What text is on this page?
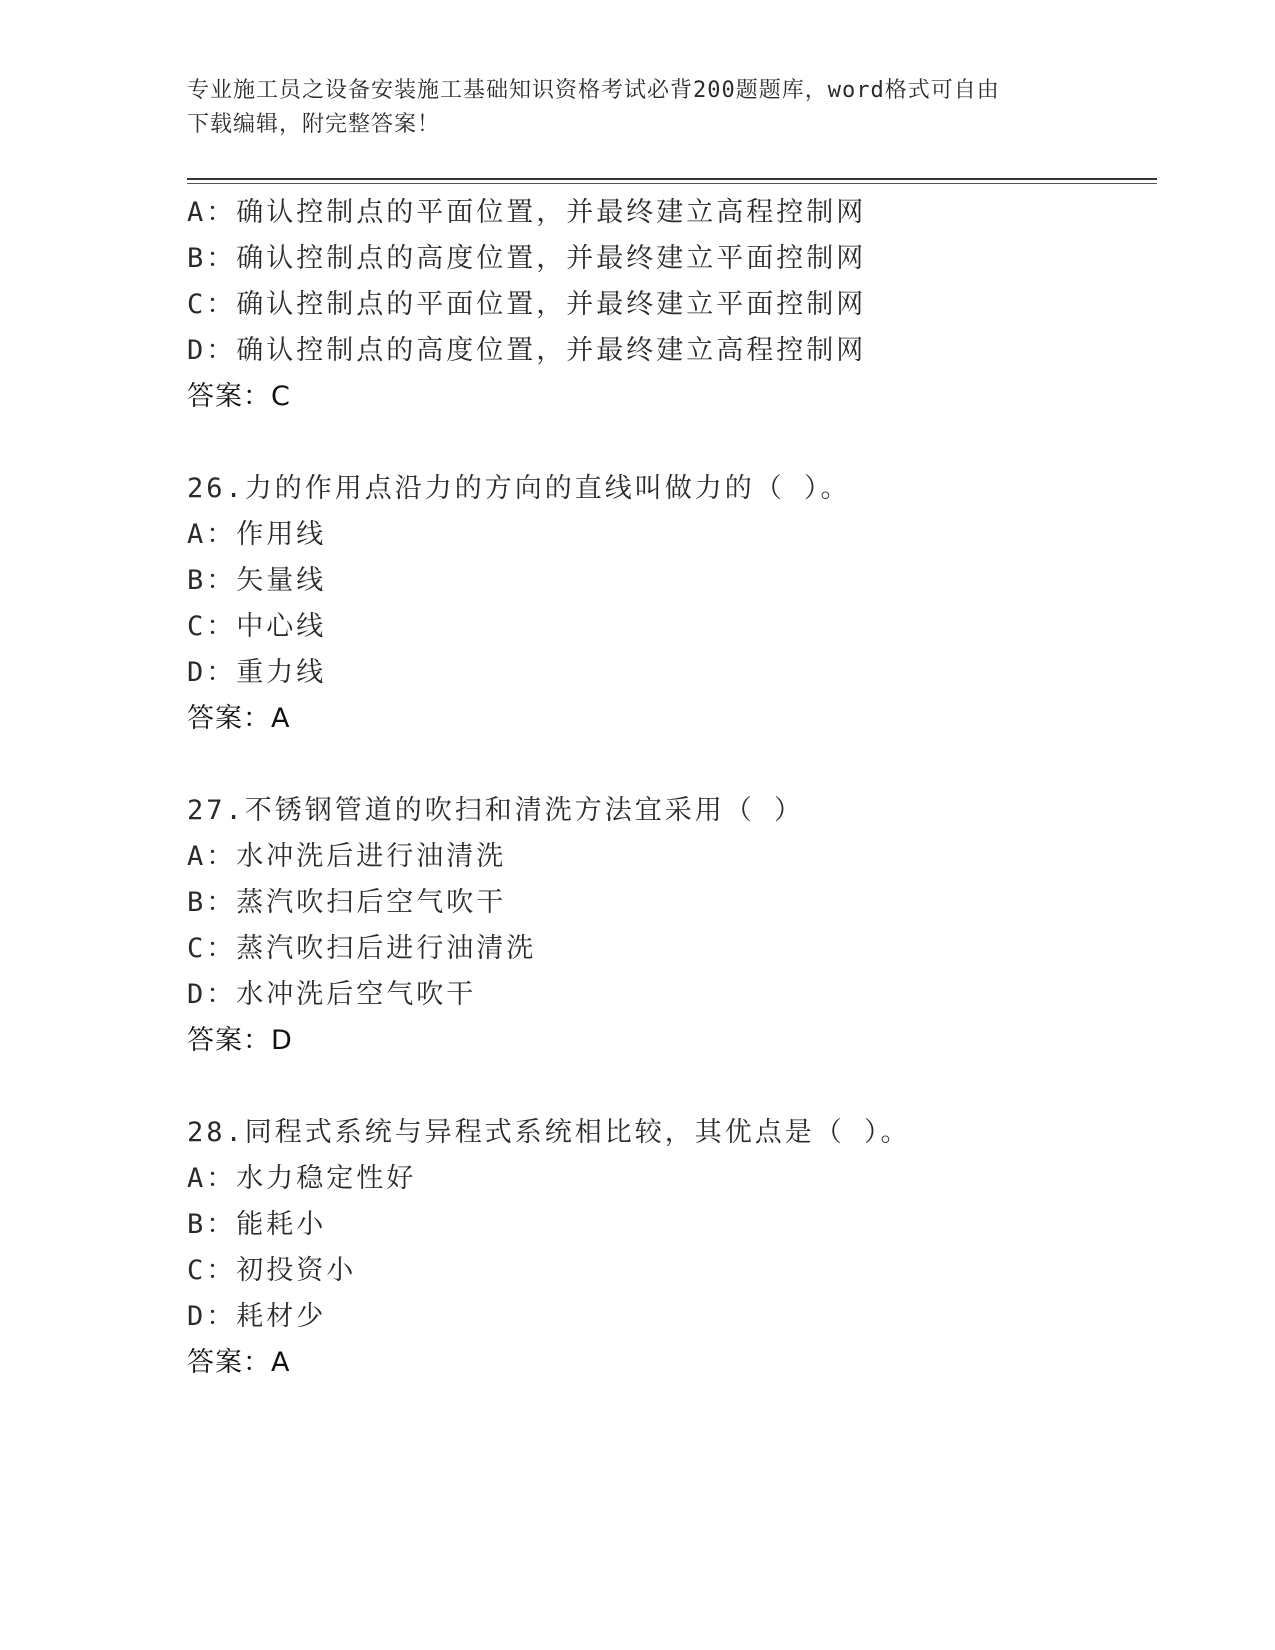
专业施工员之设备安装施工基础知识资格考试必背200题题库，word格式可自由
下载编辑，附完整答案！
A：确认控制点的平面位置，并最终建立高程控制网
B：确认控制点的高度位置，并最终建立平面控制网
C：确认控制点的平面位置，并最终建立平面控制网
D：确认控制点的高度位置，并最终建立高程控制网
答案：C
26.力的作用点沿力的方向的直线叫做力的（ ）。
A：作用线
B：矢量线
C：中心线
D：重力线
答案：A
27.不锈钢管道的吹扫和清洗方法宜采用（ ）
A：水冲洗后进行油清洗
B：蒸汽吹扫后空气吹干
C：蒸汽吹扫后进行油清洗
D：水冲洗后空气吹干
答案：D
28.同程式系统与异程式系统相比较，其优点是（ ）。
A：水力稳定性好
B：能耗小
C：初投资小
D：耗材少
答案：A
